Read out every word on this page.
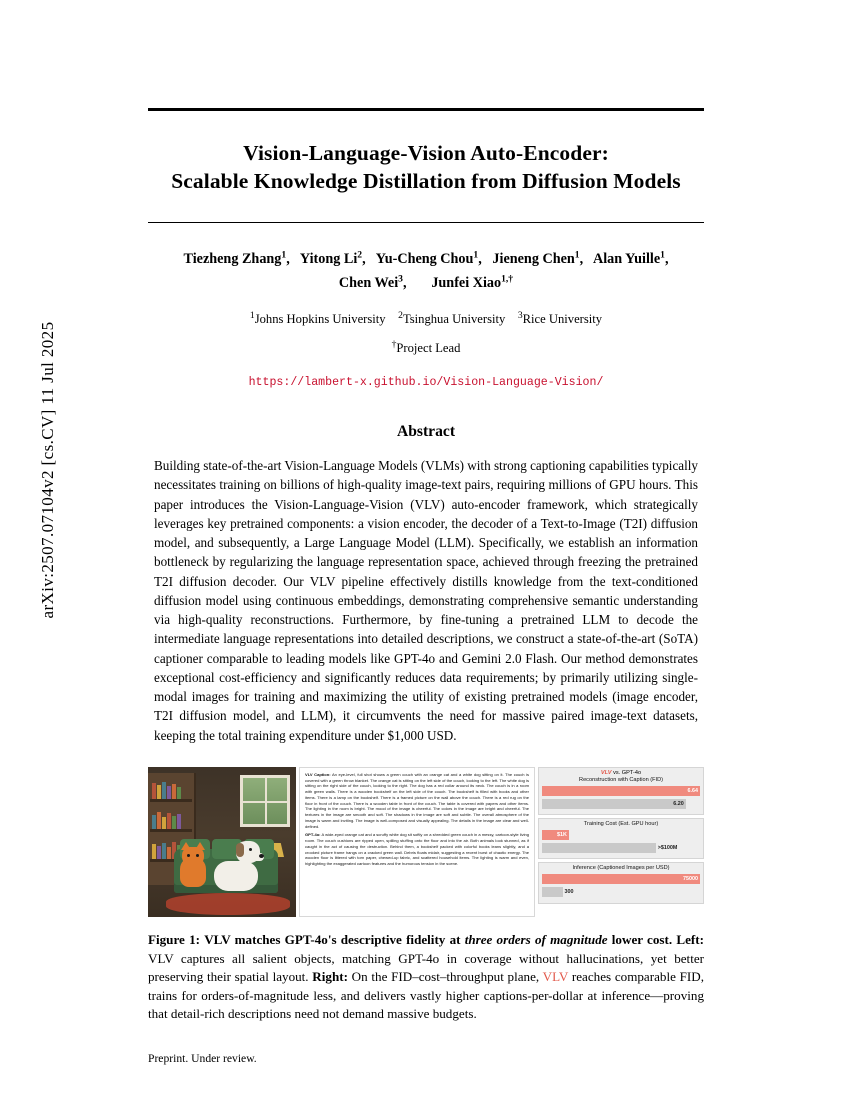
arXiv:2507.07104v2 [cs.CV] 11 Jul 2025
Vision-Language-Vision Auto-Encoder:
Scalable Knowledge Distillation from Diffusion Models
Tiezheng Zhang$^1$, Yitong Li$^2$, Yu-Cheng Chou$^1$, Jieneng Chen$^1$, Alan Yuille$^1$,
Chen Wei$^3$, Junfei Xiao$^{1,\dagger}$
$^1$Johns Hopkins University $^2$Tsinghua University $^3$Rice University
†Project Lead
https://lambert-x.github.io/Vision-Language-Vision/
Abstract
Building state-of-the-art Vision-Language Models (VLMs) with strong captioning capabilities typically necessitates training on billions of high-quality image-text pairs, requiring millions of GPU hours. This paper introduces the Vision-Language-Vision (VLV) auto-encoder framework, which strategically leverages key pretrained components: a vision encoder, the decoder of a Text-to-Image (T2I) diffusion model, and subsequently, a Large Language Model (LLM). Specifically, we establish an information bottleneck by regularizing the language representation space, achieved through freezing the pretrained T2I diffusion decoder. Our VLV pipeline effectively distills knowledge from the text-conditioned diffusion model using continuous embeddings, demonstrating comprehensive semantic understanding via high-quality reconstructions. Furthermore, by fine-tuning a pretrained LLM to decode the intermediate language representations into detailed descriptions, we construct a state-of-the-art (SoTA) captioner comparable to leading models like GPT-4o and Gemini 2.0 Flash. Our method demonstrates exceptional cost-efficiency and significantly reduces data requirements; by primarily utilizing single-modal images for training and maximizing the utility of existing pretrained models (image encoder, T2I diffusion model, and LLM), it circumvents the need for massive paired image-text datasets, keeping the total training expenditure under $1,000 USD.

VLV Caption: An eye-level, full shot shows a green couch with an orange cat and a white dog sitting on it. The couch is covered with a green throw blanket. The orange cat is sitting on the left side of the couch, looking to the left. The white dog is sitting on the right side of the couch, looking to the right. The dog has a red collar around its neck. The couch is in a room with green walls. There is a wooden bookshelf on the left side of the couch. The bookshelf is filled with books and other items. There is a lamp on the bookshelf. There is a framed picture on the wall above the couch. There is a red rug on the floor in front of the couch. There is a wooden table in front of the couch. The table is covered with papers and other items. The lighting in the room is bright. The mood of the image is cheerful. The colors in the image are bright and cheerful. The textures in the image are smooth and soft. The shadows in the image are soft and subtle. The overall atmosphere of the image is warm and inviting. The image is well-composed and visually appealing. The details in the image are clear and well-defined.

GPT-4o: A wide-eyed orange cat and a scruffy white dog sit softly on a shredded green couch in a messy, cartoon-style living room. The couch cushions are ripped open, spilling stuffing onto the floor and into the air. Both animals look stunned, as if caught in the act of causing the destruction. Behind them, a bookshelf packed with colorful books leans slightly, and a crooked picture frame hangs on a cracked green wall. Debris floats midair, suggesting a recent burst of chaotic energy. The wooden floor is littered with torn paper, chewed-up fabric, and scattered household items. The lighting is warm and even, highlighting the exaggerated cartoon features and the humorous tension in the scene.

VLV vs. GPT-4o
Reconstruction with Caption (FID)
6.64
6.20
Training Cost (Est. GPU hour)
$1K
>$100M
Inference (Captioned Images per USD)
75000
300
Figure 1: VLV matches GPT-4o's descriptive fidelity at three orders of magnitude lower cost. Left: VLV captures all salient objects, matching GPT-4o in coverage without hallucinations, yet better preserving their spatial layout. Right: On the FID–cost–throughput plane, VLV reaches comparable FID, trains for orders-of-magnitude less, and delivers vastly higher captions-per-dollar at inference—proving that detail-rich descriptions need not demand massive budgets.
Preprint. Under review.
